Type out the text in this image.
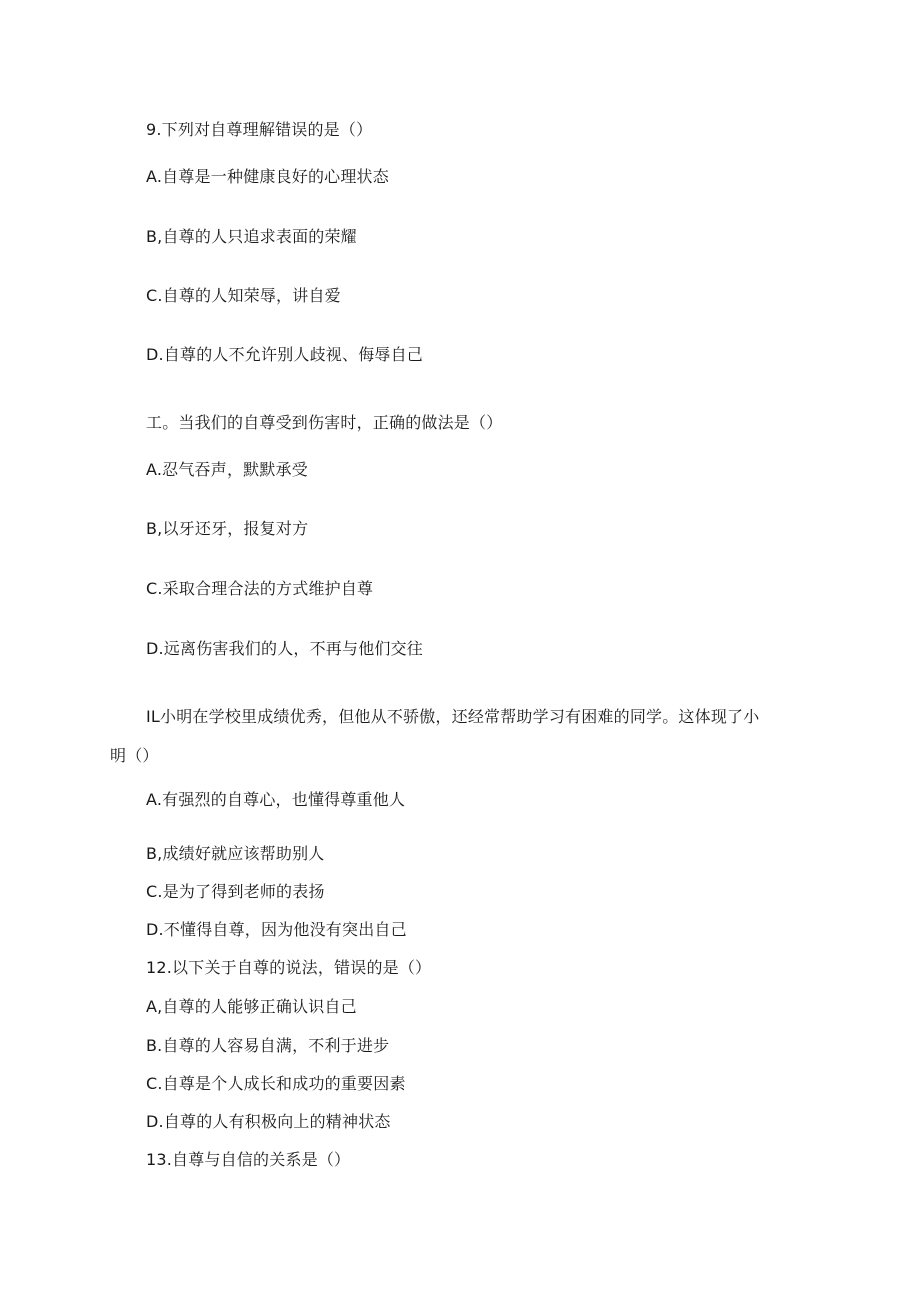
9.下列对自尊理解错误的是（）
A.自尊是一种健康良好的心理状态
B,自尊的人只追求表面的荣耀
C.自尊的人知荣辱，讲自爱
D.自尊的人不允许别人歧视、侮辱自己
工。当我们的自尊受到伤害时，正确的做法是（）
A.忍气吞声，默默承受
B,以牙还牙，报复对方
C.采取合理合法的方式维护自尊
D.远离伤害我们的人，不再与他们交往
IL小明在学校里成绩优秀，但他从不骄傲，还经常帮助学习有困难的同学。这体现了小
明（）
A.有强烈的自尊心，也懂得尊重他人
B,成绩好就应该帮助别人
C.是为了得到老师的表扬
D.不懂得自尊，因为他没有突出自己
12.以下关于自尊的说法，错误的是（）
A,自尊的人能够正确认识自己
B.自尊的人容易自满，不利于进步
C.自尊是个人成长和成功的重要因素
D.自尊的人有积极向上的精神状态
13.自尊与自信的关系是（）
